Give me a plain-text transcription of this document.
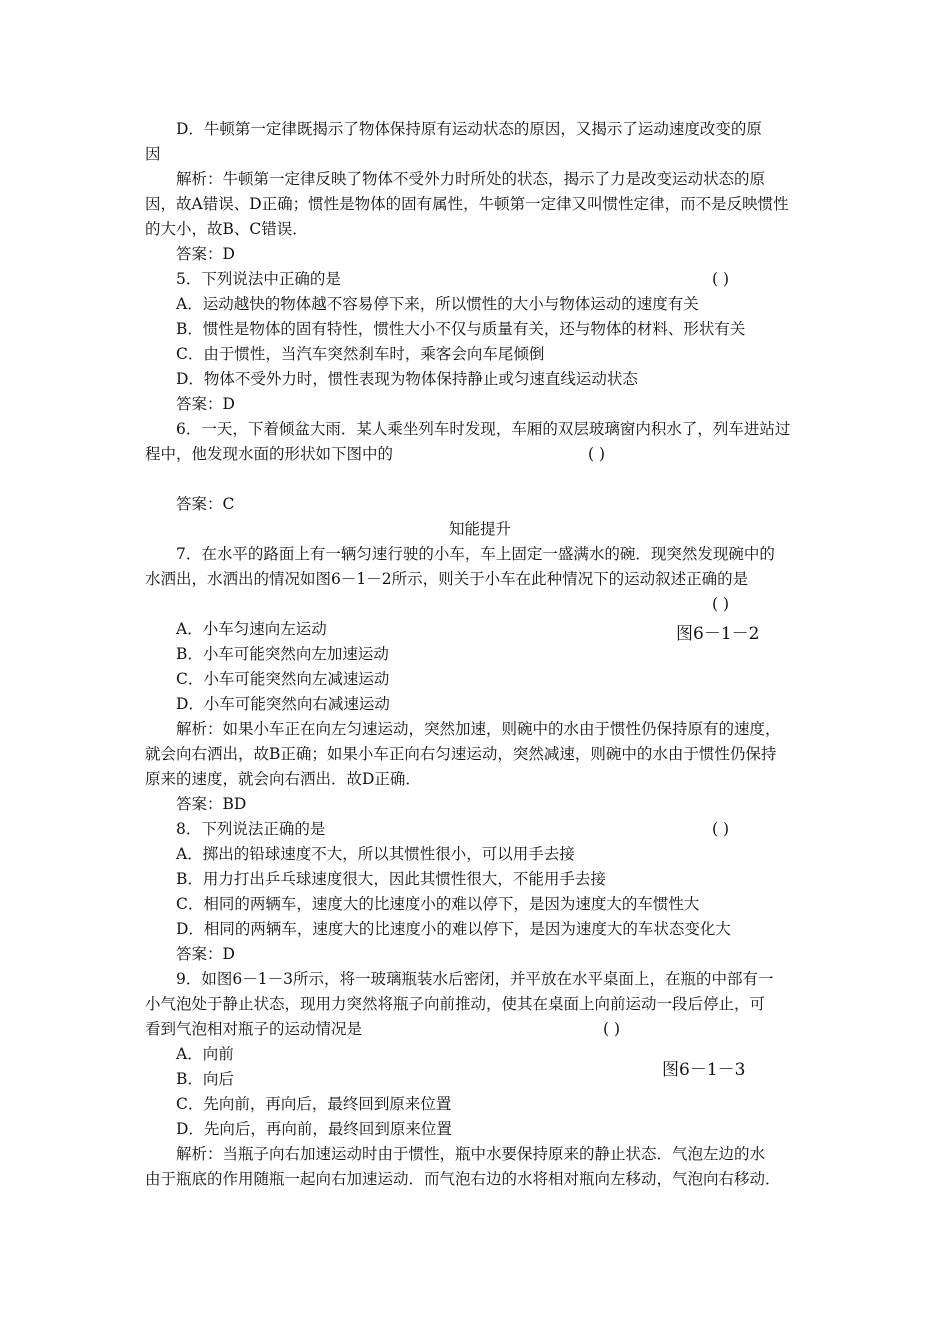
D．牛顿第一定律既揭示了物体保持原有运动状态的原因，又揭示了运动速度改变的原
因
解析：牛顿第一定律反映了物体不受外力时所处的状态，揭示了力是改变运动状态的原
因，故A错误、D正确；惯性是物体的固有属性，牛顿第一定律又叫惯性定律，而不是反映惯性
的大小，故B、C错误．
答案：D
5．下列说法中正确的是	( )
A．运动越快的物体越不容易停下来，所以惯性的大小与物体运动的速度有关
B．惯性是物体的固有特性，惯性大小不仅与质量有关，还与物体的材料、形状有关
C．由于惯性，当汽车突然刹车时，乘客会向车尾倾倒
D．物体不受外力时，惯性表现为物体保持静止或匀速直线运动状态
答案：D
6．一天，下着倾盆大雨．某人乘坐列车时发现，车厢的双层玻璃窗内积水了，列车进站过
程中，他发现水面的形状如下图中的	( )
答案：C
知能提升
7．在水平的路面上有一辆匀速行驶的小车，车上固定一盛满水的碗．现突然发现碗中的
水洒出，水洒出的情况如图6－1－2所示，则关于小车在此种情况下的运动叙述正确的是
( )
A．小车匀速向左运动	图6－1－2
B．小车可能突然向左加速运动
C．小车可能突然向左减速运动
D．小车可能突然向右减速运动
解析：如果小车正在向左匀速运动，突然加速，则碗中的水由于惯性仍保持原有的速度，
就会向右洒出，故B正确；如果小车正向右匀速运动，突然减速，则碗中的水由于惯性仍保持
原来的速度，就会向右洒出．故D正确．
答案：BD
8．下列说法正确的是	( )
A．掷出的铅球速度不大，所以其惯性很小，可以用手去接
B．用力打出乒乓球速度很大，因此其惯性很大，不能用手去接
C．相同的两辆车，速度大的比速度小的难以停下，是因为速度大的车惯性大
D．相同的两辆车，速度大的比速度小的难以停下，是因为速度大的车状态变化大
答案：D
9．如图6－1－3所示，将一玻璃瓶装水后密闭，并平放在水平桌面上，在瓶的中部有一
小气泡处于静止状态，现用力突然将瓶子向前推动，使其在桌面上向前运动一段后停止，可
看到气泡相对瓶子的运动情况是	( )
A．向前
图6－1－3
B．向后
C．先向前，再向后，最终回到原来位置
D．先向后，再向前，最终回到原来位置
解析：当瓶子向右加速运动时由于惯性，瓶中水要保持原来的静止状态．气泡左边的水
由于瓶底的作用随瓶一起向右加速运动．而气泡右边的水将相对瓶向左移动，气泡向右移动．
